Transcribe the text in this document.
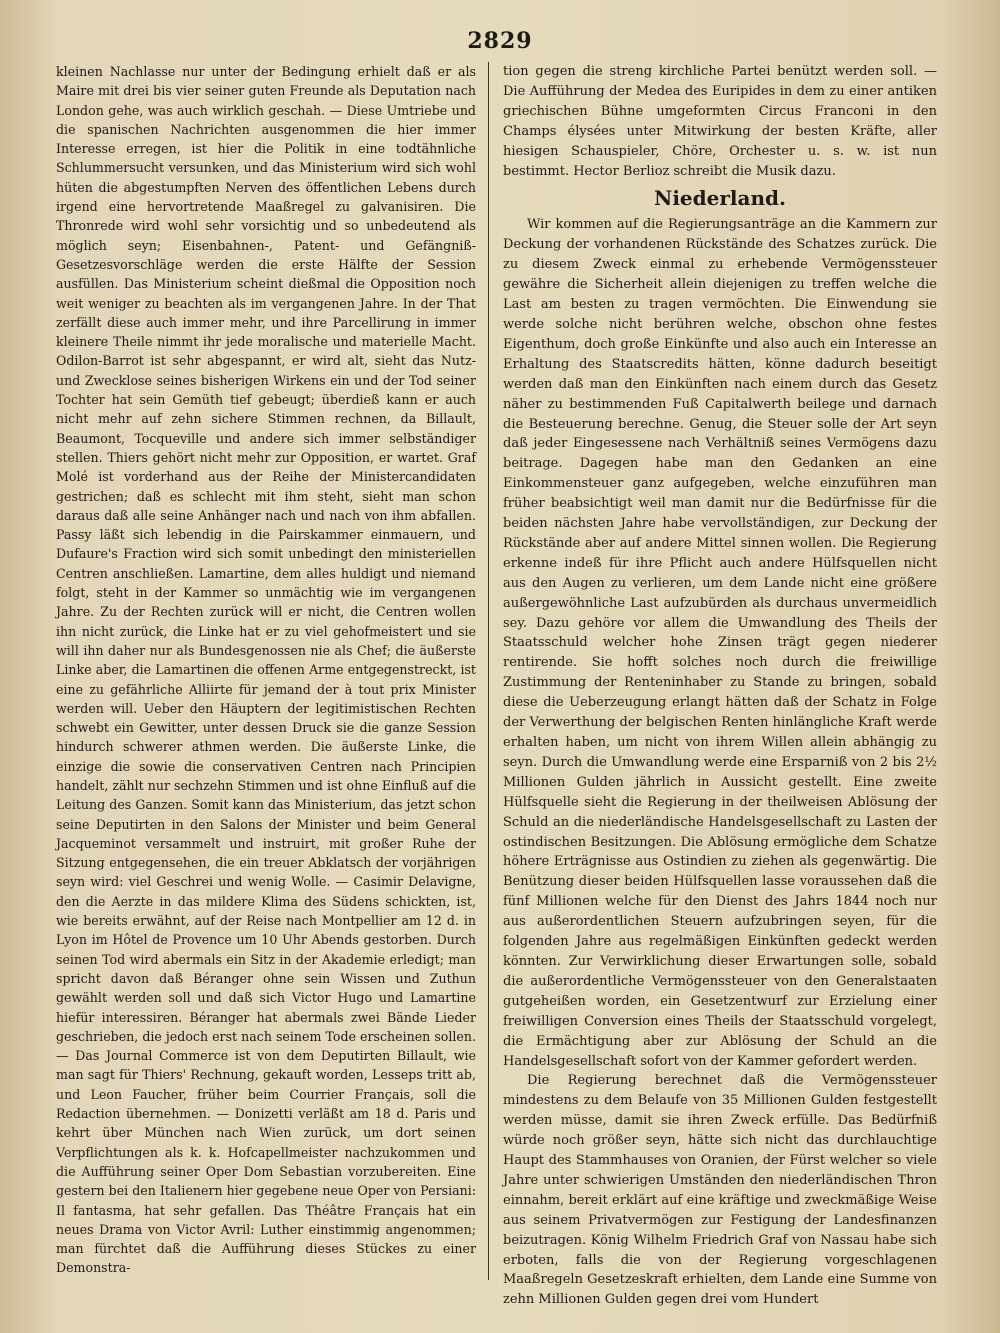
2829

kleinen Nachlasse nur unter der Bedingung erhielt daß er als Maire mit drei bis vier seiner guten Freunde als Deputation nach London gehe, was auch wirklich geschah. — Diese Umtriebe und die spanischen Nachrichten ausgenommen die hier immer Interesse erregen, ist hier die Politik in eine todtähnliche Schlummersucht versunken, und das Ministerium wird sich wohl hüten die abgestumpften Nerven des öffentlichen Lebens durch irgend eine hervortretende Maaßregel zu galvanisiren. Die Thronrede wird wohl sehr vorsichtig und so unbedeutend als möglich seyn; Eisenbahnen-, Patent- und Gefängniß-Gesetzesvorschläge werden die erste Hälfte der Session ausfüllen. Das Ministerium scheint dießmal die Opposition noch weit weniger zu beachten als im vergangenen Jahre. In der That zerfällt diese auch immer mehr, und ihre Parcellirung in immer kleinere Theile nimmt ihr jede moralische und materielle Macht. Odilon-Barrot ist sehr abgespannt, er wird alt, sieht das Nutz- und Zwecklose seines bisherigen Wirkens ein und der Tod seiner Tochter hat sein Gemüth tief gebeugt; überdieß kann er auch nicht mehr auf zehn sichere Stimmen rechnen, da Billault, Beaumont, Tocqueville und andere sich immer selbständiger stellen. Thiers gehört nicht mehr zur Opposition, er wartet. Graf Molé ist vorderhand aus der Reihe der Ministercandidaten gestrichen; daß es schlecht mit ihm steht, sieht man schon daraus daß alle seine Anhänger nach und nach von ihm abfallen. Passy läßt sich lebendig in die Pairskammer einmauern, und Dufaure's Fraction wird sich somit unbedingt den ministeriellen Centren anschließen. Lamartine, dem alles huldigt und niemand folgt, steht in der Kammer so unmächtig wie im vergangenen Jahre. Zu der Rechten zurück will er nicht, die Centren wollen ihn nicht zurück, die Linke hat er zu viel gehofmeistert und sie will ihn daher nur als Bundesgenossen nie als Chef; die äußerste Linke aber, die Lamartinen die offenen Arme entgegenstreckt, ist eine zu gefährliche Alliirte für jemand der à tout prix Minister werden will. Ueber den Häuptern der legitimistischen Rechten schwebt ein Gewitter, unter dessen Druck sie die ganze Session hindurch schwerer athmen werden. Die äußerste Linke, die einzige die sowie die conservativen Centren nach Principien handelt, zählt nur sechzehn Stimmen und ist ohne Einfluß auf die Leitung des Ganzen. Somit kann das Ministerium, das jetzt schon seine Deputirten in den Salons der Minister und beim General Jacqueminot versammelt und instruirt, mit großer Ruhe der Sitzung entgegensehen, die ein treuer Abklatsch der vorjährigen seyn wird: viel Geschrei und wenig Wolle. — Casimir Delavigne, den die Aerzte in das mildere Klima des Südens schickten, ist, wie bereits erwähnt, auf der Reise nach Montpellier am 12 d. in Lyon im Hôtel de Provence um 10 Uhr Abends gestorben. Durch seinen Tod wird abermals ein Sitz in der Akademie erledigt; man spricht davon daß Béranger ohne sein Wissen und Zuthun gewählt werden soll und daß sich Victor Hugo und Lamartine hiefür interessiren. Béranger hat abermals zwei Bände Lieder geschrieben, die jedoch erst nach seinem Tode erscheinen sollen. — Das Journal Commerce ist von dem Deputirten Billault, wie man sagt für Thiers' Rechnung, gekauft worden, Lesseps tritt ab, und Leon Faucher, früher beim Courrier Français, soll die Redaction übernehmen. — Donizetti verläßt am 18 d. Paris und kehrt über München nach Wien zurück, um dort seinen Verpflichtungen als k. k. Hofcapellmeister nachzukommen und die Aufführung seiner Oper Dom Sebastian vorzubereiten. Eine gestern bei den Italienern hier gegebene neue Oper von Persiani: Il fantasma, hat sehr gefallen. Das Théâtre Français hat ein neues Drama von Victor Avril: Luther einstimmig angenommen; man fürchtet daß die Aufführung dieses Stückes zu einer Demonstra-

tion gegen die streng kirchliche Partei benützt werden soll. — Die Aufführung der Medea des Euripides in dem zu einer antiken griechischen Bühne umgeformten Circus Franconi in den Champs élysées unter Mitwirkung der besten Kräfte, aller hiesigen Schauspieler, Chöre, Orchester u. s. w. ist nun bestimmt. Hector Berlioz schreibt die Musik dazu.

Niederland.

Wir kommen auf die Regierungsanträge an die Kammern zur Deckung der vorhandenen Rückstände des Schatzes zurück. Die zu diesem Zweck einmal zu erhebende Vermögenssteuer gewähre die Sicherheit allein diejenigen zu treffen welche die Last am besten zu tragen vermöchten. Die Einwendung sie werde solche nicht berühren welche, obschon ohne festes Eigenthum, doch große Einkünfte und also auch ein Interesse an Erhaltung des Staatscredits hätten, könne dadurch beseitigt werden daß man den Einkünften nach einem durch das Gesetz näher zu bestimmenden Fuß Capitalwerth beilege und darnach die Besteuerung berechne. Genug, die Steuer solle der Art seyn daß jeder Eingesessene nach Verhältniß seines Vermögens dazu beitrage. Dagegen habe man den Gedanken an eine Einkommensteuer ganz aufgegeben, welche einzuführen man früher beabsichtigt weil man damit nur die Bedürfnisse für die beiden nächsten Jahre habe vervollständigen, zur Deckung der Rückstände aber auf andere Mittel sinnen wollen. Die Regierung erkenne indeß für ihre Pflicht auch andere Hülfsquellen nicht aus den Augen zu verlieren, um dem Lande nicht eine größere außergewöhnliche Last aufzubürden als durchaus unvermeidlich sey. Dazu gehöre vor allem die Umwandlung des Theils der Staatsschuld welcher hohe Zinsen trägt gegen niederer rentirende. Sie hofft solches noch durch die freiwillige Zustimmung der Renteninhaber zu Stande zu bringen, sobald diese die Ueberzeugung erlangt hätten daß der Schatz in Folge der Verwerthung der belgischen Renten hinlängliche Kraft werde erhalten haben, um nicht von ihrem Willen allein abhängig zu seyn. Durch die Umwandlung werde eine Ersparniß von 2 bis 2½ Millionen Gulden jährlich in Aussicht gestellt. Eine zweite Hülfsquelle sieht die Regierung in der theilweisen Ablösung der Schuld an die niederländische Handelsgesellschaft zu Lasten der ostindischen Besitzungen. Die Ablösung ermögliche dem Schatze höhere Erträgnisse aus Ostindien zu ziehen als gegenwärtig. Die Benützung dieser beiden Hülfsquellen lasse voraussehen daß die fünf Millionen welche für den Dienst des Jahrs 1844 noch nur aus außerordentlichen Steuern aufzubringen seyen, für die folgenden Jahre aus regelmäßigen Einkünften gedeckt werden könnten. Zur Verwirklichung dieser Erwartungen solle, sobald die außerordentliche Vermögenssteuer von den Generalstaaten gutgeheißen worden, ein Gesetzentwurf zur Erzielung einer freiwilligen Conversion eines Theils der Staatsschuld vorgelegt, die Ermächtigung aber zur Ablösung der Schuld an die Handelsgesellschaft sofort von der Kammer gefordert werden.

Die Regierung berechnet daß die Vermögenssteuer mindestens zu dem Belaufe von 35 Millionen Gulden festgestellt werden müsse, damit sie ihren Zweck erfülle. Das Bedürfniß würde noch größer seyn, hätte sich nicht das durchlauchtige Haupt des Stammhauses von Oranien, der Fürst welcher so viele Jahre unter schwierigen Umständen den niederländischen Thron einnahm, bereit erklärt auf eine kräftige und zweckmäßige Weise aus seinem Privatvermögen zur Festigung der Landesfinanzen beizutragen. König Wilhelm Friedrich Graf von Nassau habe sich erboten, falls die von der Regierung vorgeschlagenen Maaßregeln Gesetzeskraft erhielten, dem Lande eine Summe von zehn Millionen Gulden gegen drei vom Hundert
